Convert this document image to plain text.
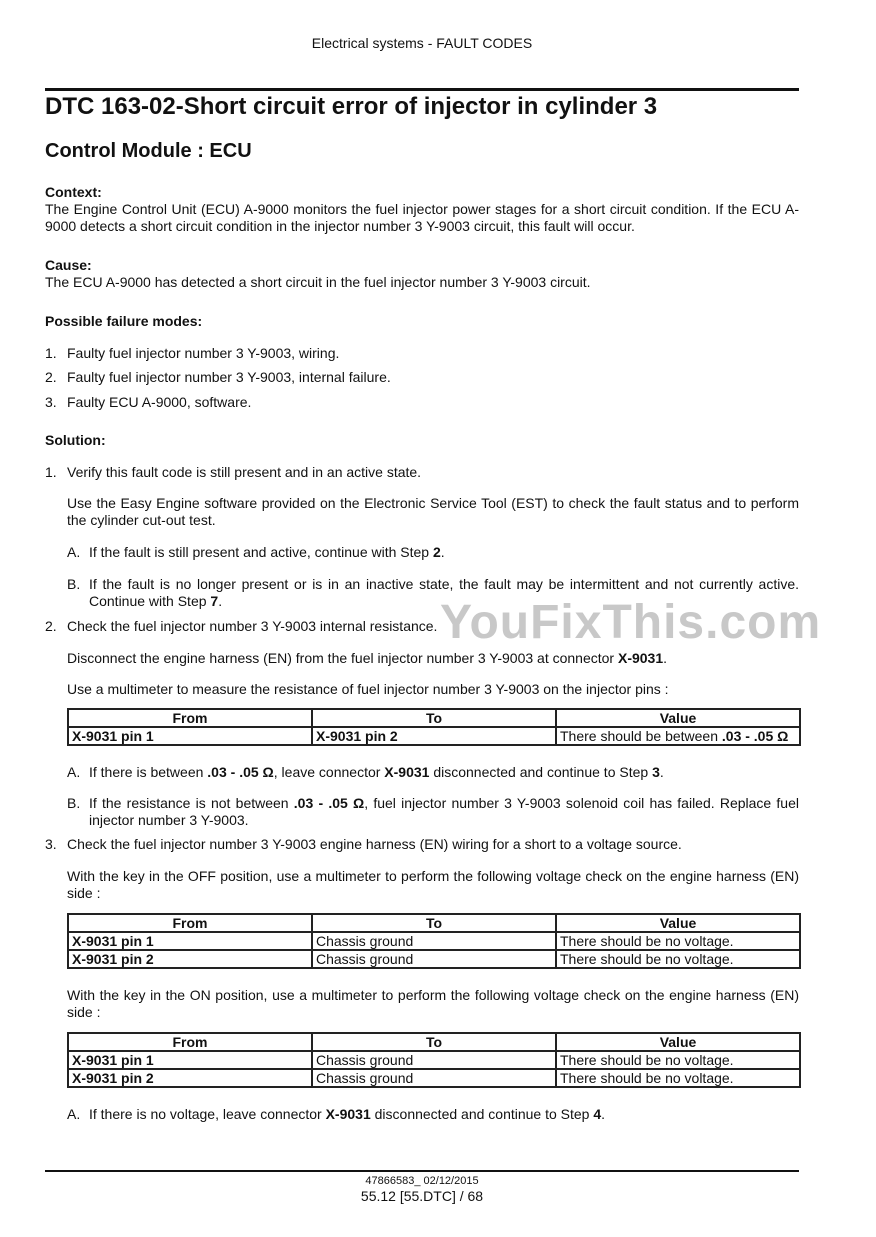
Electrical systems - FAULT CODES
DTC 163-02-Short circuit error of injector in cylinder 3
Control Module : ECU
Context:
The Engine Control Unit (ECU) A-9000 monitors the fuel injector power stages for a short circuit condition. If the ECU A-9000 detects a short circuit condition in the injector number 3 Y-9003 circuit, this fault will occur.
Cause:
The ECU A-9000 has detected a short circuit in the fuel injector number 3 Y-9003 circuit.
Possible failure modes:
1. Faulty fuel injector number 3 Y-9003, wiring.
2. Faulty fuel injector number 3 Y-9003, internal failure.
3. Faulty ECU A-9000, software.
Solution:
1. Verify this fault code is still present and in an active state.
Use the Easy Engine software provided on the Electronic Service Tool (EST) to check the fault status and to perform the cylinder cut-out test.
A. If the fault is still present and active, continue with Step 2.
B. If the fault is no longer present or is in an inactive state, the fault may be intermittent and not currently active. Continue with Step 7.
2. Check the fuel injector number 3 Y-9003 internal resistance.
Disconnect the engine harness (EN) from the fuel injector number 3 Y-9003 at connector X-9031.
Use a multimeter to measure the resistance of fuel injector number 3 Y-9003 on the injector pins :
From	To	Value
X-9031 pin 1	X-9031 pin 2	There should be between .03 - .05 Ω
A. If there is between .03 - .05 Ω, leave connector X-9031 disconnected and continue to Step 3.
B. If the resistance is not between .03 - .05 Ω, fuel injector number 3 Y-9003 solenoid coil has failed. Replace fuel injector number 3 Y-9003.
3. Check the fuel injector number 3 Y-9003 engine harness (EN) wiring for a short to a voltage source.
With the key in the OFF position, use a multimeter to perform the following voltage check on the engine harness (EN) side :
From	To	Value
X-9031 pin 1	Chassis ground	There should be no voltage.
X-9031 pin 2	Chassis ground	There should be no voltage.
With the key in the ON position, use a multimeter to perform the following voltage check on the engine harness (EN) side :
From	To	Value
X-9031 pin 1	Chassis ground	There should be no voltage.
X-9031 pin 2	Chassis ground	There should be no voltage.
A. If there is no voltage, leave connector X-9031 disconnected and continue to Step 4.
47866583_ 02/12/2015
55.12 [55.DTC] / 68
YouFixThis.com
